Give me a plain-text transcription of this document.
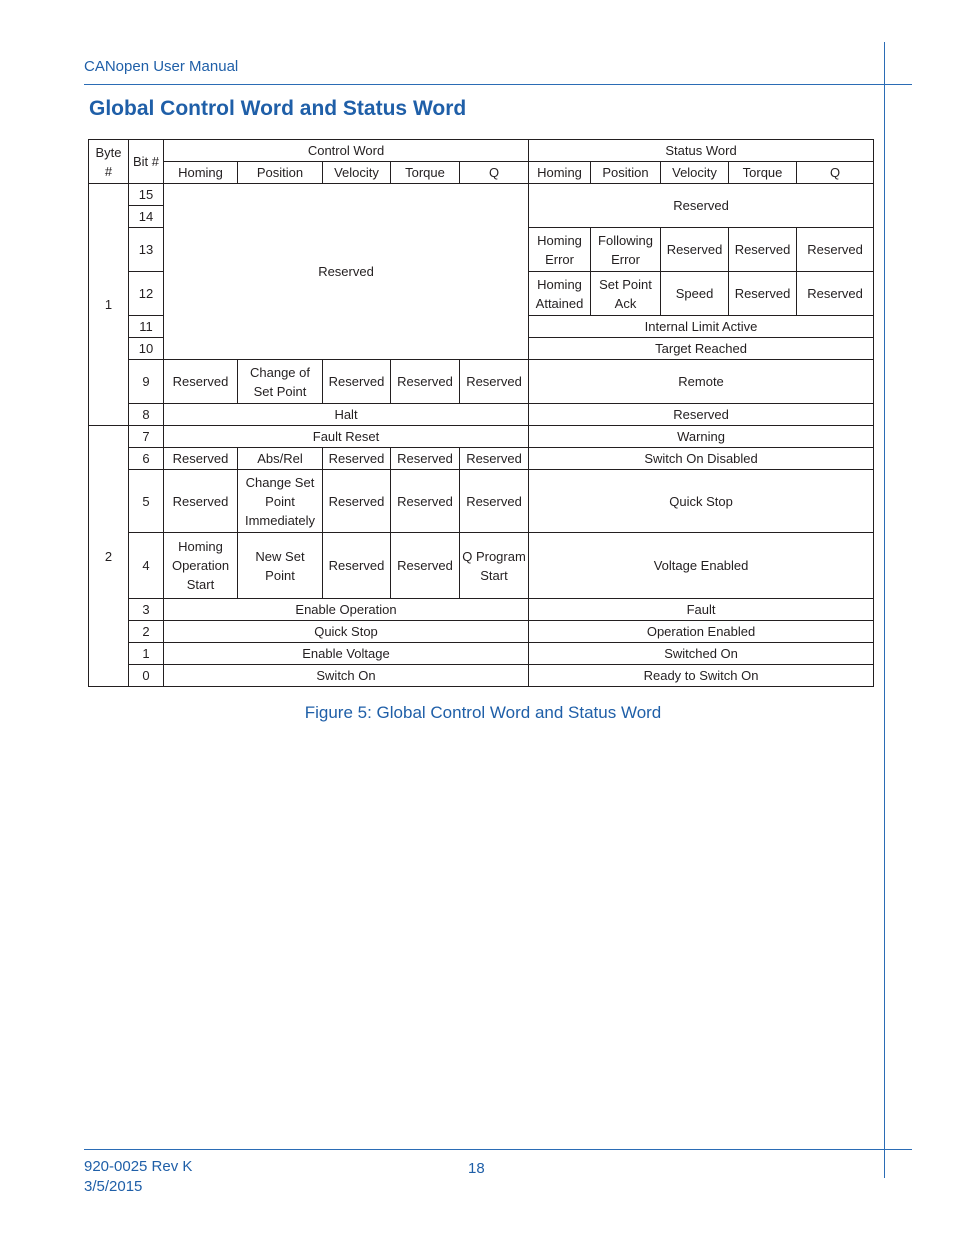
CANopen User Manual
Global Control Word and Status Word
Byte #	Bit #	Control Word					Status Word				
		Homing	Position	Velocity	Torque	Q	Homing	Position	Velocity	Torque	Q
1	15	Reserved					Reserved				
	14										
	13						Homing Error	Following Error	Reserved	Reserved	Reserved
	12						Homing Attained	Set Point Ack	Speed	Reserved	Reserved
	11						Internal Limit Active				
	10						Target Reached				
	9	Reserved	Change of Set Point	Reserved	Reserved	Reserved	Remote				
	8	Halt					Reserved				
2	7	Fault Reset					Warning				
	6	Reserved	Abs/Rel	Reserved	Reserved	Reserved	Switch On Disabled				
	5	Reserved	Change Set Point Immediately	Reserved	Reserved	Reserved	Quick Stop				
	4	Homing Operation Start	New Set Point	Reserved	Reserved	Q Program Start	Voltage Enabled				
	3	Enable Operation					Fault				
	2	Quick Stop					Operation Enabled				
	1	Enable Voltage					Switched On				
	0	Switch On					Ready to Switch On				
Figure 5: Global Control Word and Status Word
920-0025 Rev K
3/5/2015
18
